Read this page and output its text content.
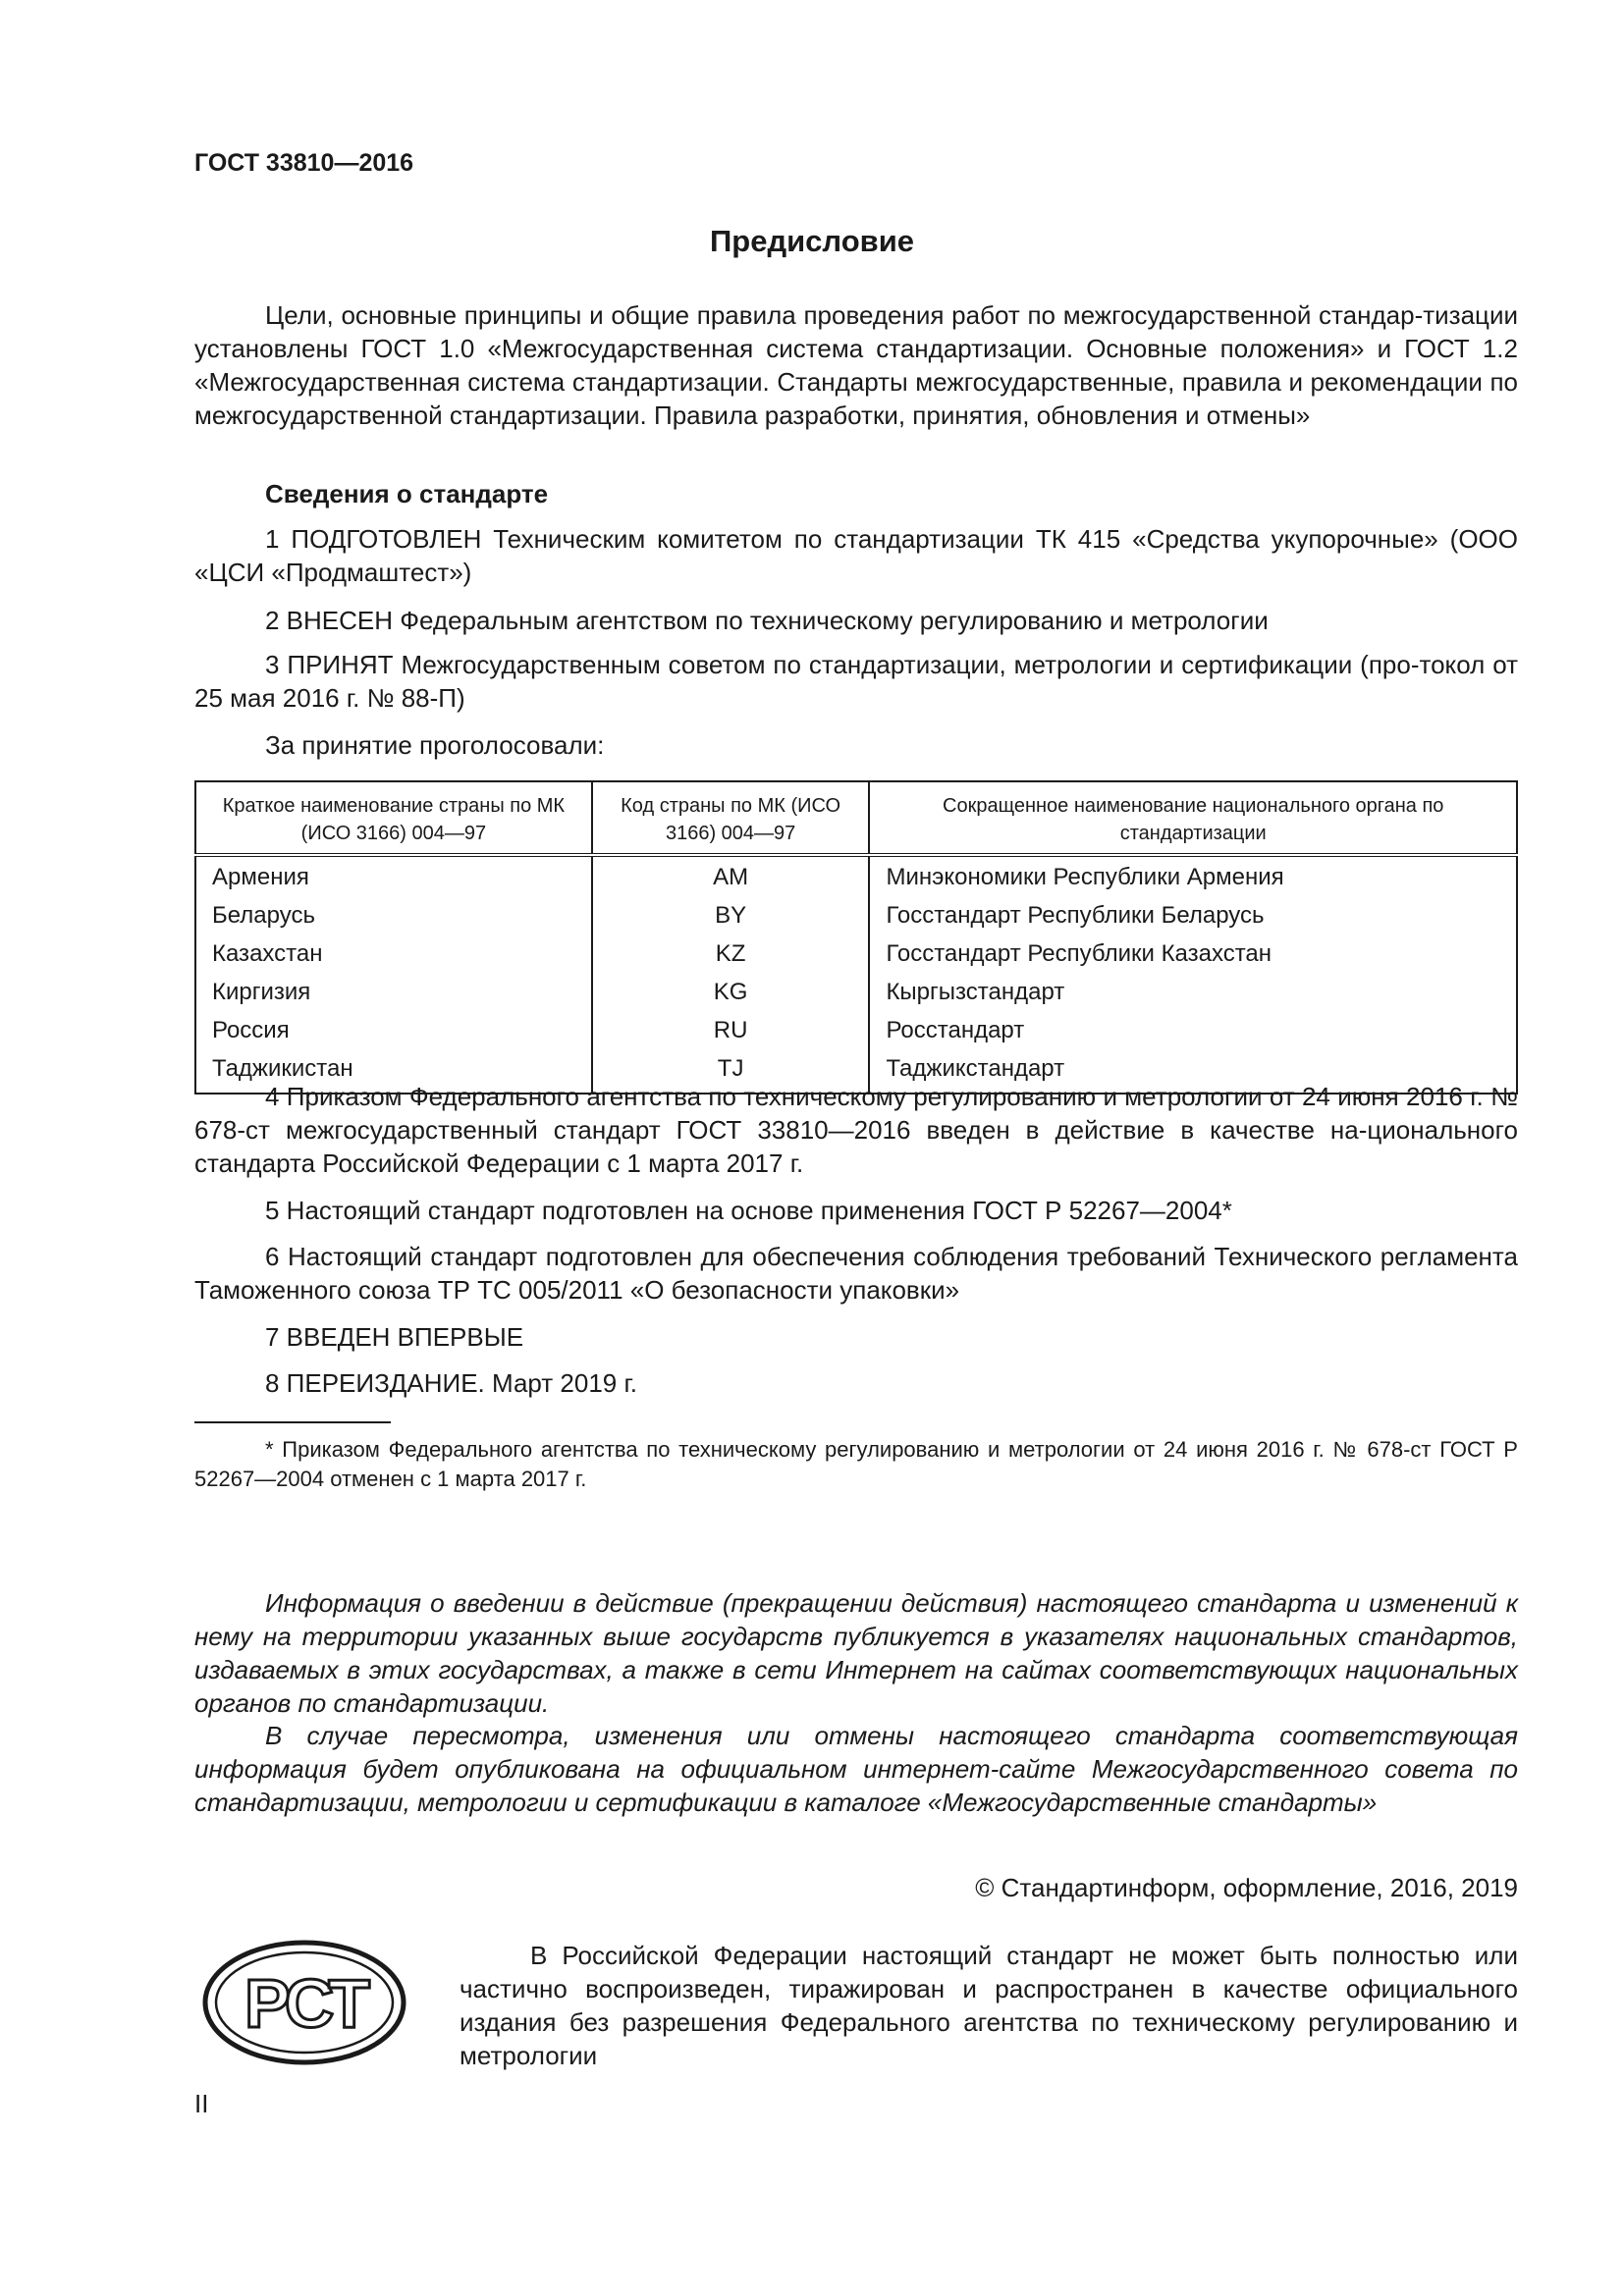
ГОСТ 33810—2016
Предисловие

Цели, основные принципы и общие правила проведения работ по межгосударственной стандар-тизации установлены ГОСТ 1.0 «Межгосударственная система стандартизации. Основные положения» и ГОСТ 1.2 «Межгосударственная система стандартизации. Стандарты межгосударственные, правила и рекомендации по межгосударственной стандартизации. Правила разработки, принятия, обновления и отмены»

Сведения о стандарте

1 ПОДГОТОВЛЕН Техническим комитетом по стандартизации ТК 415 «Средства укупорочные» (ООО «ЦСИ «Продмаштест»)

2 ВНЕСЕН Федеральным агентством по техническому регулированию и метрологии

3 ПРИНЯТ Межгосударственным советом по стандартизации, метрологии и сертификации (про-токол от 25 мая 2016 г. № 88-П)

За принятие проголосовали:

Краткое наименование страны по МК (ИСО 3166) 004—97	Код страны по МК (ИСО 3166) 004—97	Сокращенное наименование национального органа по стандартизации
Армения	AM	Минэкономики Республики Армения
Беларусь	BY	Госстандарт Республики Беларусь
Казахстан	KZ	Госстандарт Республики Казахстан
Киргизия	KG	Кыргызстандарт
Россия	RU	Росстандарт
Таджикистан	TJ	Таджикстандарт

4 Приказом Федерального агентства по техническому регулированию и метрологии от 24 июня 2016 г. № 678-ст межгосударственный стандарт ГОСТ 33810—2016 введен в действие в качестве на-ционального стандарта Российской Федерации с 1 марта 2017 г.

5 Настоящий стандарт подготовлен на основе применения ГОСТ Р 52267—2004*

6 Настоящий стандарт подготовлен для обеспечения соблюдения требований Технического регламента Таможенного союза ТР ТС 005/2011 «О безопасности упаковки»

7 ВВЕДЕН ВПЕРВЫЕ

8 ПЕРЕИЗДАНИЕ. Март 2019 г.

* Приказом Федерального агентства по техническому регулированию и метрологии от 24 июня 2016 г. № 678-ст ГОСТ Р 52267—2004 отменен с 1 марта 2017 г.

Информация о введении в действие (прекращении действия) настоящего стандарта и изменений к нему на территории указанных выше государств публикуется в указателях национальных стандартов, издаваемых в этих государствах, а также в сети Интернет на сайтах соответствующих национальных органов по стандартизации.

В случае пересмотра, изменения или отмены настоящего стандарта соответствующая информация будет опубликована на официальном интернет-сайте Межгосударственного совета по стандартизации, метрологии и сертификации в каталоге «Межгосударственные стандарты»

© Стандартинформ, оформление, 2016, 2019
PCT

В Российской Федерации настоящий стандарт не может быть полностью или частично воспроизведен, тиражирован и распространен в качестве официального издания без разрешения Федерального агентства по техническому регулированию и метрологии

II
